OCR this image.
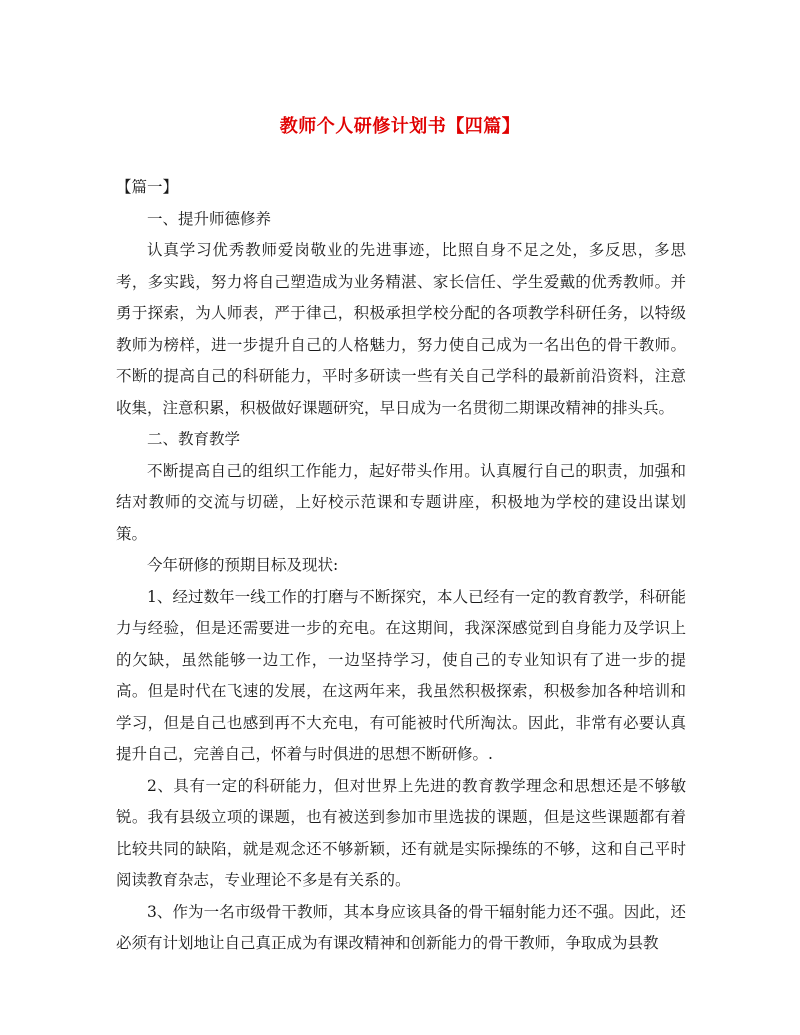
教师个人研修计划书【四篇】

【篇一】

一、提升师德修养

认真学习优秀教师爱岗敬业的先进事迹，比照自身不足之处，多反思，多思考，多实践，努力将自己塑造成为业务精湛、家长信任、学生爱戴的优秀教师。并勇于探索，为人师表，严于律己，积极承担学校分配的各项教学科研任务，以特级教师为榜样，进一步提升自己的人格魅力，努力使自己成为一名出色的骨干教师。不断的提高自己的科研能力，平时多研读一些有关自己学科的最新前沿资料，注意收集，注意积累，积极做好课题研究，早日成为一名贯彻二期课改精神的排头兵。

二、教育教学

不断提高自己的组织工作能力，起好带头作用。认真履行自己的职责，加强和结对教师的交流与切磋，上好校示范课和专题讲座，积极地为学校的建设出谋划策。

今年研修的预期目标及现状:

1、经过数年一线工作的打磨与不断探究，本人已经有一定的教育教学，科研能力与经验，但是还需要进一步的充电。在这期间，我深深感觉到自身能力及学识上的欠缺，虽然能够一边工作，一边坚持学习，使自己的专业知识有了进一步的提高。但是时代在飞速的发展，在这两年来，我虽然积极探索，积极参加各种培训和学习，但是自己也感到再不大充电，有可能被时代所淘汰。因此，非常有必要认真提升自己，完善自己，怀着与时俱进的思想不断研修。.

2、具有一定的科研能力，但对世界上先进的教育教学理念和思想还是不够敏锐。我有县级立项的课题，也有被送到参加市里选拔的课题，但是这些课题都有着比较共同的缺陷，就是观念还不够新颖，还有就是实际操练的不够，这和自己平时阅读教育杂志，专业理论不多是有关系的。

3、作为一名市级骨干教师，其本身应该具备的骨干辐射能力还不强。因此，还必须有计划地让自己真正成为有课改精神和创新能力的骨干教师，争取成为县教
